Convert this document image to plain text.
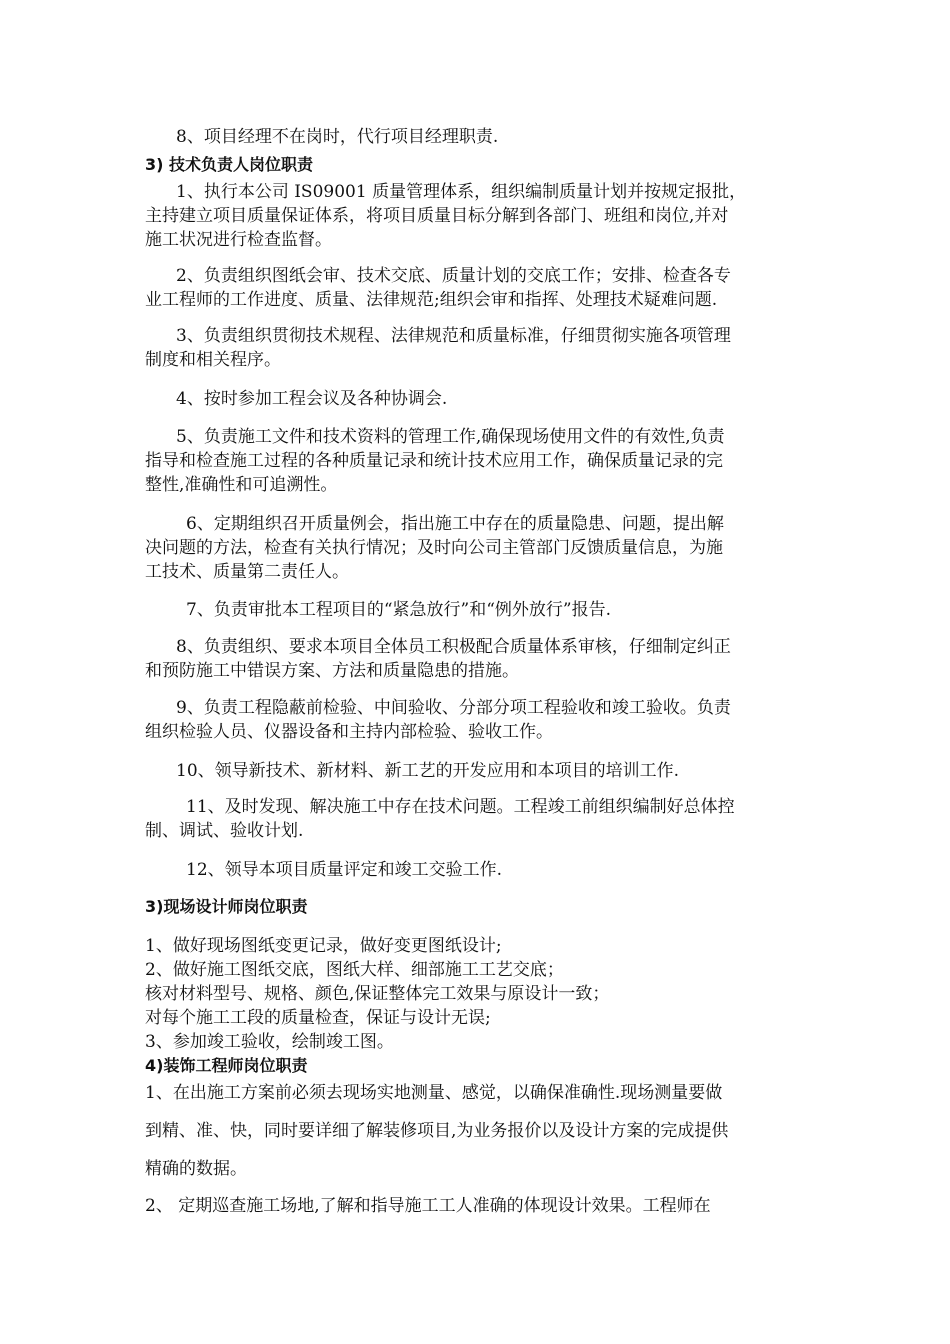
8、项目经理不在岗时，代行项目经理职责.
3) 技术负责人岗位职责
1、执行本公司 IS09001 质量管理体系，组织编制质量计划并按规定报批，
主持建立项目质量保证体系，将项目质量目标分解到各部门、班组和岗位,并对
施工状况进行检查监督。
2、负责组织图纸会审、技术交底、质量计划的交底工作；安排、检查各专
业工程师的工作进度、质量、法律规范;组织会审和指挥、处理技术疑难问题.
3、负责组织贯彻技术规程、法律规范和质量标准，仔细贯彻实施各项管理
制度和相关程序。
4、按时参加工程会议及各种协调会.
5、负责施工文件和技术资料的管理工作,确保现场使用文件的有效性,负责
指导和检查施工过程的各种质量记录和统计技术应用工作，确保质量记录的完
整性,准确性和可追溯性。
6、定期组织召开质量例会，指出施工中存在的质量隐患、问题，提出解
决问题的方法，检查有关执行情况；及时向公司主管部门反馈质量信息，为施
工技术、质量第二责任人。
7、负责审批本工程项目的“紧急放行”和“例外放行”报告.
8、负责组织、要求本项目全体员工积极配合质量体系审核，仔细制定纠正
和预防施工中错误方案、方法和质量隐患的措施。
9、负责工程隐蔽前检验、中间验收、分部分项工程验收和竣工验收。负责
组织检验人员、仪器设备和主持内部检验、验收工作。
10、领导新技术、新材料、新工艺的开发应用和本项目的培训工作.
11、及时发现、解决施工中存在技术问题。工程竣工前组织编制好总体控
制、调试、验收计划.
12、领导本项目质量评定和竣工交验工作.
3)现场设计师岗位职责
1、做好现场图纸变更记录，做好变更图纸设计;
2、做好施工图纸交底，图纸大样、细部施工工艺交底；
核对材料型号、规格、颜色,保证整体完工效果与原设计一致；
对每个施工工段的质量检查，保证与设计无误;
3、参加竣工验收，绘制竣工图。
4)装饰工程师岗位职责
1、在出施工方案前必须去现场实地测量、感觉，以确保准确性.现场测量要做
到精、准、快，同时要详细了解装修项目,为业务报价以及设计方案的完成提供
精确的数据。
2、 定期巡查施工场地,了解和指导施工工人准确的体现设计效果。工程师在
